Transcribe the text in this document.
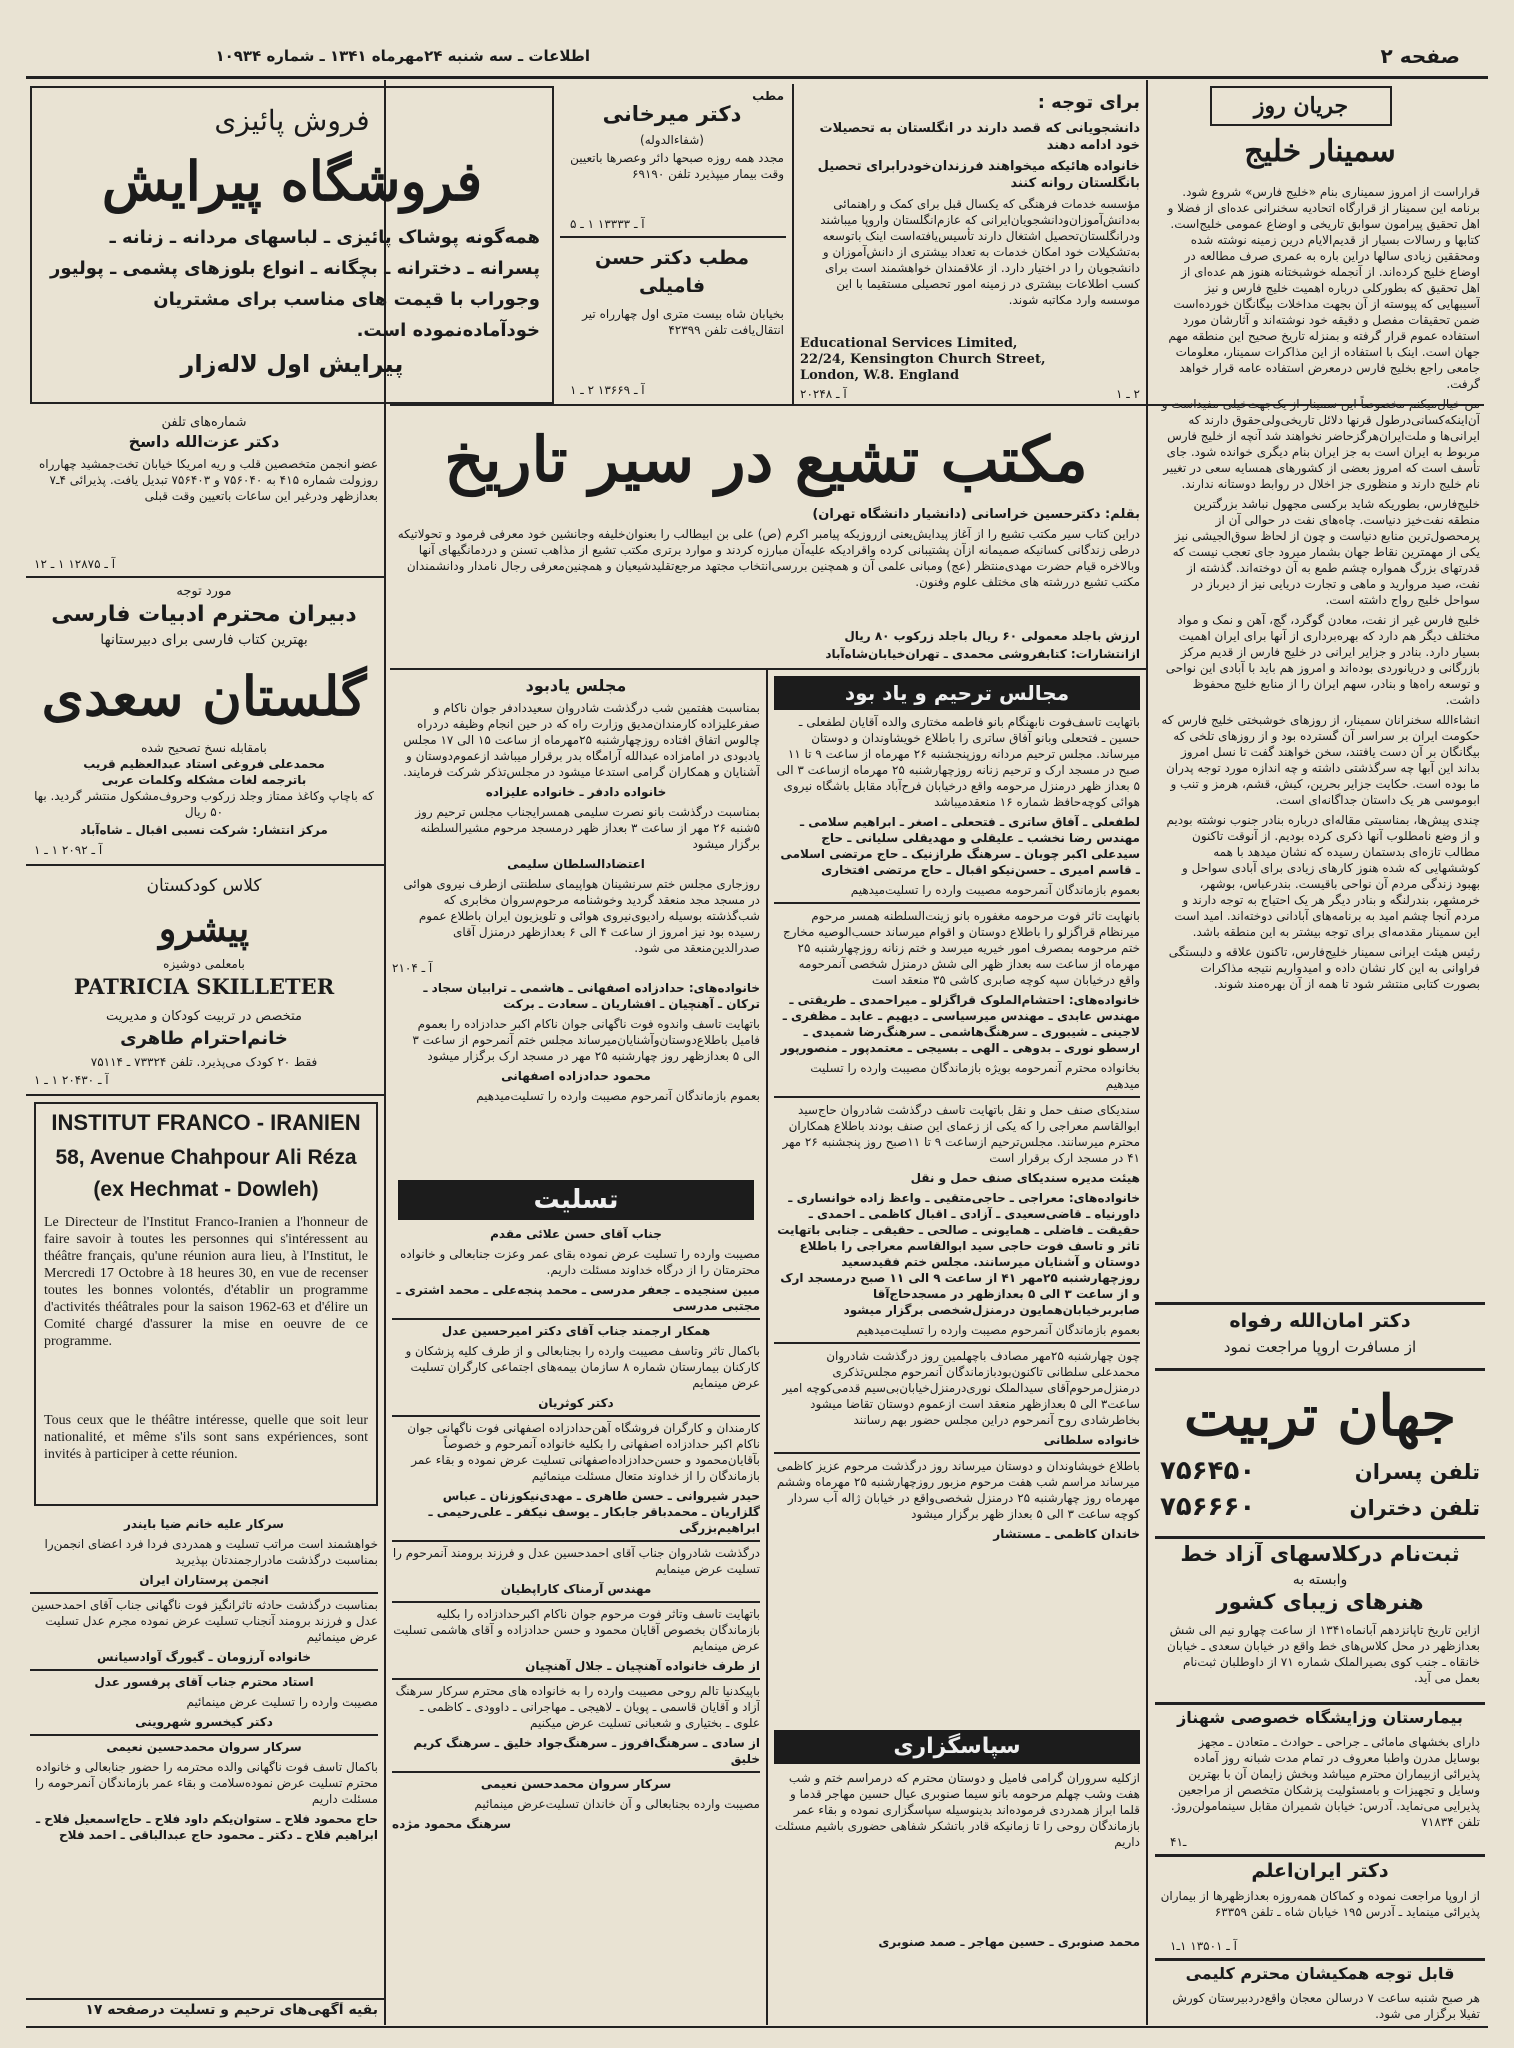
صفحه ۲
اطلاعات ـ سه شنبه ۲۴مهرماه ۱۳۴۱ ـ شماره ۱۰۹۳۴
جریان روز
سمینار خلیج

قراراست از امروز سمیناری بنام «خلیج فارس» شروع شود. برنامه این سمینار از قرارگاه اتحادیه سخنرانی عده‌ای از فضلا و اهل تحقیق پیرامون سوابق تاریخی و اوضاع عمومی خلیج‌است. کتابها و رسالات بسیار از قدیم‌الایام درین زمینه نوشته شده ومحققین زیادی سالها دراین باره به عمری صرف مطالعه در اوضاع خلیج کرده‌اند. از آنجمله خوشبختانه هنوز هم عده‌ای از اهل تحقیق که بطورکلی درباره اهمیت خلیج فارس و نیز آسیبهایی که پیوسته از آن بجهت مداخلات بیگانگان خورده‌است ضمن تحقیقات مفصل و دقیقه خود نوشته‌اند و آثارشان مورد استفاده عموم قرار گرفته و بمنزله تاریخ صحیح این منطقه مهم جهان است. اینک با استفاده از این مذاکرات سمینار، معلومات جامعی راجع بخلیج فارس درمعرض استفاده عامه قرار خواهد گرفت.

آن‌اینکه‌کسانی‌درطول قرنها دلائل تاریخی‌ولی‌حقوق دارند که ایرانی‌ها و ملت‌ایران‌هرگزحاضر نخواهند شد آنچه از خلیج فارس مربوط به ایران است به جز ایران بنام دیگری خوانده شود. جای تأسف است که امروز بعضی از کشورهای همسایه سعی در تغییر نام خلیج دارند و منظوری جز اخلال در روابط دوستانه ندارند.

خلیج‌فارس، بطوریکه شاید برکسی مجهول نباشد بزرگترین منطقه نفت‌خیز دنیاست. چاه‌های نفت در حوالی آن از پرمحصول‌ترین منابع دنیاست و چون از لحاظ سوق‌الجیشی نیز یکی از مهمترین نقاط جهان بشمار میرود جای تعجب نیست که قدرتهای بزرگ همواره چشم طمع به آن دوخته‌اند. گذشته از نفت، صید مروارید و ماهی و تجارت دریایی نیز از دیرباز در سواحل خلیج رواج داشته است.

خلیج فارس غیر از نفت، معادن گوگرد، گچ، آهن و نمک و مواد مختلف دیگر هم دارد که بهره‌برداری از آنها برای ایران اهمیت بسیار دارد. بنادر و جزایر ایرانی در خلیج فارس از قدیم مرکز بازرگانی و دریانوردی بوده‌اند و امروز هم باید با آبادی این نواحی و توسعه راه‌ها و بنادر، سهم ایران را از منابع خلیج محفوظ داشت.

انشاءالله سخنرانان سمینار، از روزهای خوشبختی خلیج فارس که حکومت ایران بر سراسر آن گسترده بود و از روزهای تلخی که بیگانگان بر آن دست یافتند، سخن خواهند گفت تا نسل امروز بداند این آبها چه سرگذشتی داشته و چه اندازه مورد توجه پدران ما بوده است. حکایت جزایر بحرین، کیش، قشم، هرمز و تنب و ابوموسی هر یک داستان جداگانه‌ای است.

چندی پیش‌ها، بمناسبتی مقاله‌ای درباره بنادر جنوب نوشته بودیم و از وضع نامطلوب آنها ذکری کرده بودیم. از آنوقت تاکنون مطالب تازه‌ای بدستمان رسیده که نشان میدهد با همه کوششهایی که شده هنوز کارهای زیادی برای آبادی سواحل و بهبود زندگی مردم آن نواحی باقیست. بندرعباس، بوشهر، خرمشهر، بندرلنگه و بنادر دیگر هر یک احتیاج به توجه دارند و مردم آنجا چشم امید به برنامه‌های آبادانی دوخته‌اند. امید است این سمینار مقدمه‌ای برای توجه بیشتر به این منطقه باشد.

رئیس هیئت ایرانی سمینار خلیج‌فارس، تاکنون علاقه و دلبستگی فراوانی به این کار نشان داده و امیدواریم نتیجه مذاکرات بصورت کتابی منتشر شود تا همه از آن بهره‌مند شوند.

دکتر امان‌الله رفواه
از مسافرت اروپا مراجعت نمود
جهان تربیت
تلفن پسران
۷۵۶۴۵۰
تلفن دختران
۷۵۶۶۶۰
ثبت‌نام درکلاسهای آزاد خط
وابسته به
هنرهای زیبای کشور
ازاین تاریخ تاپانزدهم آبانماه۱۳۴۱ از ساعت چهارو نیم الی شش بعدازظهر در محل کلاس‌های خط واقع در خیابان سعدی ـ خیابان خانقاه ـ جنب کوی بصیرالملک شماره ۷۱ از داوطلبان ثبت‌نام بعمل می آید.
بیمارستان وزایشگاه خصوصی شهناز
دارای بخشهای مامائی ـ جراحی ـ حوادث ـ متعادن ـ مجهز بوسایل مدرن واطبا معروف در تمام مدت شبانه روز آماده پذیرائی ازبیماران محترم میباشد وبخش زایمان آن با بهترین وسایل و تجهیزات و بامسئولیت پزشکان متخصص از مراجعین پذیرایی می‌نماید. آدرس: خیابان شمیران مقابل سینمامولن‌روژ. تلفن ۷۱۸۳۴
۴ـ۱
دکتر ایران‌اعلم
از اروپا مراجعت نموده و کماکان همه‌روزه بعدازظهرها از بیماران پذیرائی مینماید ـ آدرس ۱۹۵ خیابان شاه ـ تلفن ۶۳۳۵۹
آ ـ ۱۳۵۰۱ ۱ـ۱
قابل توجه همکیشان محترم کلیمی
هر صبح شنبه ساعت ۷ درسالن معجان واقع‌دردبیرستان کورش تفیلا برگزار می شود.
برای توجه :
دانشجویانی که قصد دارند در انگلستان به تحصیلات خود ادامه دهند
خانواده هائیکه میخواهند فرزندان‌خودرابرای تحصیل بانگلستان روانه کنند
مؤسسه خدمات فرهنگی که یکسال قبل برای کمک و راهنمائی به‌دانش‌آموزان‌ودانشجویان‌ایرانی که عازم‌انگلستان واروپا میباشند ودرانگلستان‌تحصیل اشتغال دارند تأسیس‌یافته‌است اینک باتوسعه به‌تشکیلات خود امکان خدمات به تعداد بیشتری از دانش‌آموزان و دانشجویان را در اختیار دارد. از علاقمندان خواهشمند است برای کسب اطلاعات بیشتری در زمینه امور تحصیلی مستقیما با این موسسه وارد مکاتبه شوند.
Educational Services Limited,
22/24, Kensington Church Street,
London, W.8. England
آ ـ ۲۰۲۴۸	۲ ـ ۱
مطب
دکتر میرخانی
(شفاءالدوله)
مجدد همه روزه صبحها دائر وعصرها باتعیین وقت بیمار میپذیرد تلفن ۶۹۱۹۰
آ ـ ۱۳۳۳۳ ۱ ـ ۵
مطب دکتر حسن فامیلی
بخیابان شاه بیست متری اول چهارراه تیر انتقال‌یافت تلفن ۴۲۳۹۹
آ ـ ۱۳۶۶۹ ۲ ـ ۱
فروش پائیزی
فروشگاه پیرایش
همه‌گونه پوشاک پائیزی ـ لباسهای مردانه ـ زنانه ـ پسرانه ـ دخترانه ـ بچگانه ـ انواع بلوزهای پشمی ـ پولیور وجوراب با قیمت های مناسب برای مشتریان خودآماده‌نموده است.
پیرایش اول لاله‌زار
مکتب تشیع در سیر تاریخ
بقلم: دکترحسین خراسانی (دانشیار دانشگاه تهران)
دراین کتاب سیر مکتب تشیع را از آغاز پیدایش‌یعنی ازروزیکه پیامبر اکرم (ص) علی بن ابیطالب را بعنوان‌خلیفه وجانشین خود معرفی فرمود و تحولاتیکه درطی زندگانی کسانیکه صمیمانه ازآن پشتیبانی کرده واقرادیکه علیه‌آن مبارزه کردند و موارد برتری مکتب تشیع از مذاهب تسنن و دردمانگیهای آنها وبالاخره قیام حضرت مهدی‌منتظر (عج) ومبانی علمی آن و همچنین بررسی‌انتخاب مجتهد مرجع‌تقلیدشیعیان و همچنین‌معرفی رجال نامدار ودانشمندان مکتب تشیع دررشته های مختلف علوم وفنون.
ارزش باجلد معمولی ۶۰ ریال باجلد زرکوب ۸۰ ریال
ازانتشارات: کتابفروشی محمدی ـ تهران‌خیابان‌شاه‌آباد
مجالس ترحیم و یاد بود

باتهایت تاسف‌فوت نابهنگام بانو فاطمه مختاری والده آقایان لطفعلی ـ حسین ـ فتحعلی وبانو آفاق ساتری را باطلاع خویشاوندان و دوستان میرساند. مجلس ترحیم مردانه روزپنجشنبه ۲۶ مهرماه از ساعت ۹ تا ۱۱ صبح در مسجد ارک و ترحیم زنانه روزچهارشنبه ۲۵ مهرماه ازساعت ۳ الی ۵ بعداز ظهر درمنزل مرحومه واقع درخیابان فرح‌آباد مقابل باشگاه نیروی هوائی کوچه‌حافظ شماره ۱۶ منعقدمیباشد

لطفعلی ـ آفاق ساتری ـ فتحعلی ـ اصغر ـ ابراهیم سلامی ـ مهندس رضا نخشب ـ علیقلی و مهدیقلی سلیانی ـ حاج سیدعلی اکبر چوبان ـ سرهنگ طرازنیک ـ حاج مرتضی اسلامی ـ قاسم امیری ـ حسن‌نیکو اقبال ـ حاج مرتضی افتخاری

بعموم بازماندگان آنمرحومه مصیبت وارده را تسلیت‌میدهیم

بانهایت تاثر فوت مرحومه مغفوره بانو زینت‌السلطنه همسر مرحوم میرنظام قراگزلو را باطلاع دوستان و اقوام میرساند حسب‌الوصیه مخارج ختم مرحومه بمصرف امور خیریه میرسد و ختم زنانه روزچهارشنبه ۲۵ مهرماه از ساعت سه بعداز ظهر الی شش درمنزل شخصی آنمرحومه واقع درخیابان سپه کوچه صابری کاشی ۳۵ منعقد است

خانواده‌های: احتشام‌الملوک قراگزلو ـ میراحمدی ـ طریقتی ـ مهندس عابدی ـ مهندس میرسیاسی ـ دیهیم ـ عابد ـ مظفری ـ لاجینی ـ شیبوری ـ سرهنگ‌هاشمی ـ سرهنگ‌رضا شمیدی ـ ارسطو نوری ـ بدوهی ـ الهی ـ بسیجی ـ معتمدپور ـ منصورپور

بخانواده محترم آنمرحومه بویژه بازماندگان مصیبت وارده را تسلیت میدهیم

سندیکای صنف حمل و نقل باتهایت تاسف درگذشت شادروان حاج‌سید ابوالقاسم معراجی را که یکی از زعمای این صنف بودند باطلاع همکاران محترم میرسانند. مجلس‌ترحیم ازساعت ۹ تا ۱۱صبح روز پنجشنبه ۲۶ مهر ۴۱ در مسجد ارک برقرار است

هیئت مدیره سندیکای صنف حمل و نقل

خانواده‌های: معراجی ـ حاجی‌متقیی ـ واعظ زاده خوانساری ـ داورنیاه ـ قاضی‌سعیدی ـ آزادی ـ اقبال کاظمی ـ احمدی ـ حقیقت ـ فاضلی ـ همایونی ـ صالحی ـ حقیقی ـ جنابی باتهایت تاثر و تاسف فوت حاجی سید ابوالقاسم معراجی را باطلاع دوستان و آشنایان میرسانند. مجلس ختم فقیدسعید روزچهارشنبه ۲۵مهر ۴۱ از ساعت ۹ الی ۱۱ صبح درمسجد ارک و از ساعت ۳ الی ۵ بعدازظهر در مسجدحاج‌آقا صابربرخیابان‌همایون درمنزل‌شخصی برگزار میشود

بعموم بازماندگان آنمرحوم مصیبت وارده را تسلیت‌میدهیم

چون چهارشنبه ۲۵مهر مصادف باچهلمین روز درگذشت شادروان محمدعلی سلطانی تاکنون‌بودبازماندگان آنمرحوم مجلس‌تذکری درمنزل‌مرحوم‌آقای سیدالملک نوری‌درمنزل‌خیابان‌بی‌سیم قدمی‌کوچه‌ امیر ساعت۳ الی ۵ بعدازظهر منعقد است ازعموم دوستان تقاضا میشود بخاطرشادی روح آنمرحوم دراین مجلس حضور بهم رسانند

خانواده سلطانی

باطلاع خویشاوندان و دوستان میرساند روز درگذشت مرحوم عزیز کاظمی میرساند مراسم شب هفت مرحوم مزبور روزچهارشنبه ۲۵ مهرماه وششم مهرماه روز چهارشنبه ۲۵ درمنزل شخصی‌واقع در خیابان ژاله آب سردار کوچه‌ ساعت ۳ الی ۵ بعداز ظهر برگزار میشود

خاندان کاظمی ـ مستشار

سپاسگزاری
ازکلیه سروران گرامی فامیل و دوستان محترم که درمراسم ختم و شب هفت وشب چهلم مرحومه بانو سیما صنوبری عیال حسین مهاجر قدما و قلما ابراز همدردی فرموده‌اند بدینوسیله سپاسگزاری نموده و بقاء عمر بازماندگان روحی را تا زمانیکه قادر باتشکر شفاهی حضوری باشیم مسئلت داریم
محمد صنوبری ـ حسین مهاجر ـ صمد صنوبری
مجلس یادبود

بمناسبت هفتمین شب درگذشت شادروان سعیددادفر جوان ناکام و صفرعلیزاده کارمندان‌مدیق وزارت راه که در حین انجام وظیفه دردراه چالوس اتفاق افتاده روزچهارشنبه ۲۵مهرماه از ساعت ۱۵ الی ۱۷ مجلس یادبودی در امامزاده عبدالله آرامگاه بدر برقرار میباشد ازعموم‌دوستان و آشنایان و همکاران گرامی استدعا میشود در مجلس‌تذکر شرکت فرمایند.

خانواده دادفر ـ خانواده علیزاده

بمناسبت درگذشت بانو نصرت سلیمی همسر‌ایجناب مجلس ترحیم روز ۵شنبه ۲۶ مهر از ساعت ۳ بعداز ظهر درمسجد مرحوم مشیرالسلطنه برگزار میشود

اعتضادالسلطان سلیمی

روزجاری مجلس ختم سرنشینان هواپیمای سلطنتی ازطرف نیروی هوائی در مسجد مجد منعقد گردید وخوشنامه مرحوم‌سروان مخابری که شب‌گذشته بوسیله رادیوی‌نیروی هوائی و تلویزیون ایران باطلاع عموم رسیده بود نیز امروز از ساعت ۴ الی ۶ بعدازظهر درمنزل آقای صدرالدین‌منعقد می شود.

آ ـ ۲۱۰۴

خانواده‌های: حدادزاده اصفهانی ـ هاشمی ـ ترابیان سجاد ـ ترکان ـ آهنچیان ـ افشاریان ـ سعادت ـ برکت

باتهایت تاسف واندوه فوت ناگهانی جوان ناکام اکبر حدادزاده را بعموم فامیل باطلاع‌دوستان‌وآشنایان‌میرساند مجلس ختم آنمرحوم از ساعت ۳ الی ۵ بعدازظهر روز چهارشنبه ۲۵ مهر در مسجد ارک برگزار میشود

محمود حدادزاده اصفهانی

بعموم بازماندگان آنمرحوم مصیبت وارده را تسلیت‌میدهیم

تسلیت

جناب آقای حسن علائی مقدم

مصیبت وارده را تسلیت عرض نموده بقای عمر وعزت جنابعالی و خانواده محترمتان را از درگاه خداوند مسئلت داریم.

مبین سنجیده ـ جعفر مدرسی ـ محمد پنجه‌علی ـ محمد اشتری ـ مجتبی مدرسی

همکار ارجمند جناب آقای دکتر امیرحسین عدل

باکمال تاثر وتاسف مصیبت وارده را بجنابعالی و از طرف کلیه پزشکان و کارکنان بیمارستان شماره ۸ سازمان بیمه‌های اجتماعی کارگران تسلیت عرض مینمایم

دکتر کوثریان

کارمندان و کارگران فروشگاه آهن‌حدادزاده اصفهانی فوت ناگهانی جوان ناکام اکبر حدادزاده اصفهانی را بکلیه خانواده آنمرحوم و خصوصاً بآقایان‌محمود و حسن‌حدادزاده‌اصفهانی تسلیت عرض نموده و بقاء عمر بازماندگان را از خداوند متعال مسئلت مینمائیم

حیدر شیروانی ـ حسن طاهری ـ مهدی‌نیکوزنان ـ عباس گلزاریان ـ محمدباقر جابکار ـ یوسف نیکفر ـ علی‌رحیمی ـ ابراهیم‌بزرگی

درگذشت شادروان جناب آقای احمدحسین عدل و فرزند برومند آنمرحوم را تسلیت عرض مینمایم

مهندس آرمناک کاراپطیان

باتهایت تاسف وتاثر فوت مرحوم جوان ناکام اکبرحدادزاده را بکلیه بازماندگان بخصوص آقایان محمود و حسن حدادزاده و آقای هاشمی تسلیت عرض مینمایم

از طرف خانواده آهنچیان ـ جلال آهنچیان

باپیکدنیا تالم روحی مصیبت وارده را به خانواده های محترم سرکار سرهنگ آزاد و آقایان قاسمی ـ پویان ـ لاهیجی ـ مهاجرانی ـ داوودی ـ کاظمی ـ علوی ـ بختیاری و شعبانی تسلیت عرض میکنیم

از سادی ـ سرهنگ‌افروز ـ سرهنگ‌جواد خلیق ـ سرهنگ کریم خلیق

سرکار سروان محمدحسن نعیمی

مصیبت وارده بجنابعالی و آن خاندان تسلیت‌عرض مینمائیم

سرهنگ محمود مژده

شماره‌های تلفن
دکتر عزت‌الله داسخ
عضو انجمن متخصصین قلب و ریه امریکا خیابان تخت‌جمشید چهارراه روزولت شماره ۴۱۵ به ۷۵۶۰۴۰ و ۷۵۶۴۰۳ تبدیل یافت. پذیرائی ۴ـ۷ بعدازظهر ودرغیر این ساعات باتعیین وقت قبلی
آ ـ ۱۲۸۷۵ ۱ ـ ۱۲
مورد توجه
دبیران محترم ادبیات فارسی
بهترین کتاب فارسی برای دبیرستانها
گلستان سعدی
بامقابله نسخ تصحیح شده
محمدعلی فروغی استاد عبدالعظیم قریب
باترجمه لغات مشکله وکلمات عربی
که باچاپ وکاغذ ممتاز وجلد زرکوب وحروف‌مشکول منتشر گردید. بها ۵۰ ریال
مرکز انتشار: شرکت نسبی اقبال ـ شاه‌آباد
آ ـ ۲۰۹۲ ۱ ـ ۱
کلاس کودکستان
پیشرو
بامعلمی دوشیزه
PATRICIA SKILLETER
متخصص در تربیت کودکان و مدیریت
خانم‌احترام طاهری
فقط ۲۰ کودک می‌پذیرد. تلفن ۷۳۳۲۴ ـ ۷۵۱۱۴
آ ـ ۲۰۴۳۰ ۱ ـ ۱
INSTITUT FRANCO - IRANIEN
58, Avenue Chahpour Ali Réza
(ex Hechmat - Dowleh)
Le Directeur de l'Institut Franco-Iranien a l'honneur de faire savoir à toutes les personnes qui s'intéressent au théâtre français, qu'une réunion aura lieu, à l'Institut, le Mercredi 17 Octobre à 18 heures 30, en vue de recenser toutes les bonnes volontés, d'établir un programme d'activités théâtrales pour la saison 1962-63 et d'élire un Comité chargé d'assurer la mise en oeuvre de ce programme.
Tous ceux que le théâtre intéresse, quelle que soit leur nationalité, et même s'ils sont sans expériences, sont invités à participer à cette réunion.

سرکار علیه خانم ضیا بایندر

خواهشمند است مراتب تسلیت و همدردی فردا فرد اعضای انجمن‌را بمناسبت درگذشت مادرارجمندتان بپذیرید

انجمن پرستاران ایران

بمناسبت درگذشت حادثه تاثرانگیز فوت ناگهانی جناب آقای احمدحسین عدل و فرزند برومند آنجناب تسلیت عرض نموده مجرم عدل تسلیت عرض مینمائیم

خانواده آرزومان ـ گیورگ آوادسیانس

استاد محترم جناب آقای پرفسور عدل

مصیبت وارده را تسلیت عرض مینمائیم

دکتر کیخسرو شهروینی

سرکار سروان محمدحسین نعیمی

باکمال تاسف فوت ناگهانی والده محترمه را حضور جنابعالی و خانواده محترم تسلیت عرض نموده‌سلامت و بقاء عمر بازماندگان آنمرحومه را مسئلت داریم

حاج محمود فلاح ـ ستوان‌یکم داود فلاح ـ حاج‌اسمعیل فلاح ـ ابراهیم فلاح ـ دکتر ـ محمود حاج عبدالباقی ـ احمد فلاح

بقیه آگهی‌های ترحیم و تسلیت درصفحه ۱۷
